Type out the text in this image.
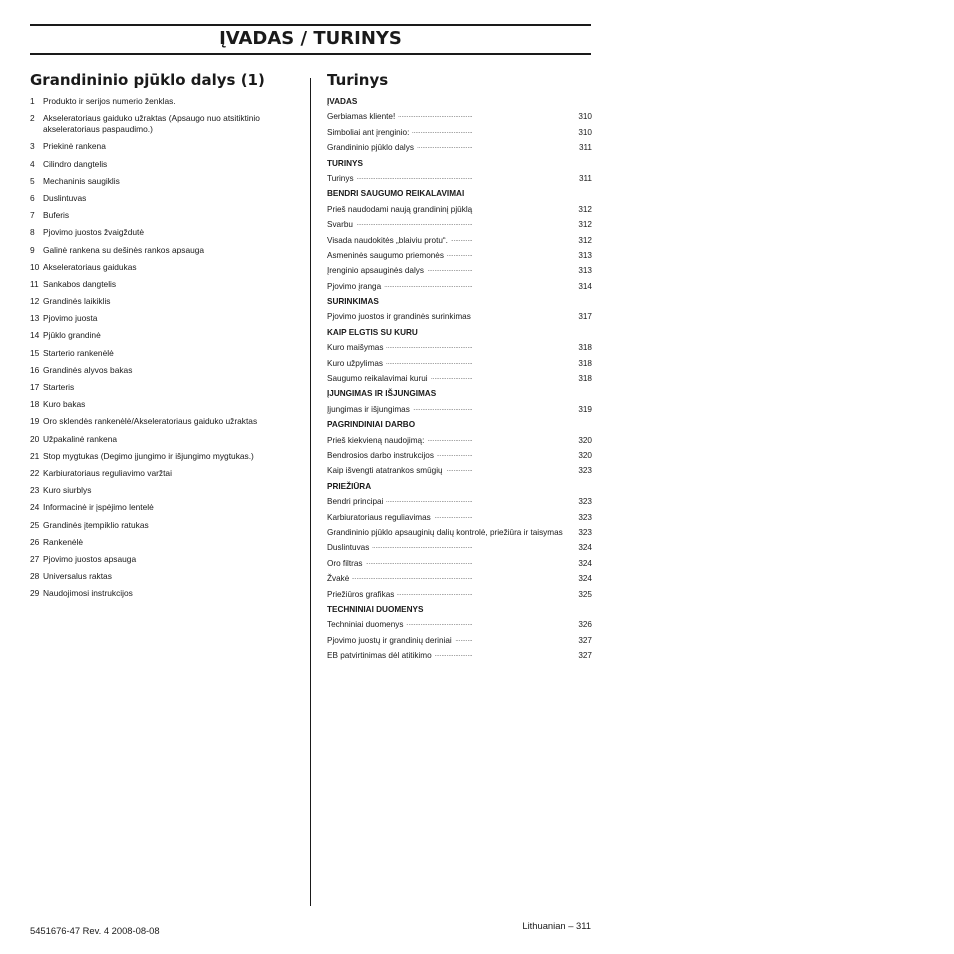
ĮVADAS / TURINYS
Grandininio pjūklo dalys (1)
1 Produkto ir serijos numerio ženklas.
2 Akseleratoriaus gaiduko užraktas (Apsaugo nuo atsitiktinio akseleratoriaus paspaudimo.)
3 Priekinė rankena
4 Cilindro dangtelis
5 Mechaninis saugiklis
6 Duslintuvas
7 Buferis
8 Pjovimo juostos žvaigždutė
9 Galinė rankena su dešinės rankos apsauga
10 Akseleratoriaus gaidukas
11 Sankabos dangtelis
12 Grandinės laikiklis
13 Pjovimo juosta
14 Pjūklo grandinė
15 Starterio rankenėlė
16 Grandinės alyvos bakas
17 Starteris
18 Kuro bakas
19 Oro sklendės rankenėlė/Akseleratoriaus gaiduko užraktas
20 Užpakalinė rankena
21 Stop mygtukas (Degimo įjungimo ir išjungimo mygtukas.)
22 Karbiuratoriaus reguliavimo varžtai
23 Kuro siurblys
24 Informacinė ir įspėjimo lentelė
25 Grandinės įtempiklio ratukas
26 Rankenėlė
27 Pjovimo juostos apsauga
28 Universalus raktas
29 Naudojimosi instrukcijos
Turinys
ĮVADAS
Gerbiamas kliente! . . .	310
Simboliai ant įrenginio: . . .	310
Grandininio pjūklo dalys . . .	311
TURINYS
Turinys . . .	311
BENDRI SAUGUMO REIKALAVIMAI
Prieš naudodami naują grandininį pjūklą . . .	312
Svarbu . . .	312
Visada naudokitės „blaiviu protu“. . . .	312
Asmeninės saugumo priemonės . . .	313
Įrenginio apsauginės dalys . . .	313
Pjovimo įranga . . .	314
SURINKIMAS
Pjovimo juostos ir grandinės surinkimas . . .	317
KAIP ELGTIS SU KURU
Kuro maišymas . . .	318
Kuro užpylimas . . .	318
Saugumo reikalavimai kurui . . .	318
ĮJUNGIMAS IR IŠJUNGIMAS
Įjungimas ir išjungimas . . .	319
PAGRINDINIAI DARBO
Prieš kiekvieną naudojimą: . . .	320
Bendrosios darbo instrukcijos . . .	320
Kaip išvengti atatrankos smūgių . . .	323
PRIEŽIŪRA
Bendri principai . . .	323
Karbiuratoriaus reguliavimas . . .	323
Grandininio pjūklo apsauginių dalių kontrolė, priežiūra ir taisymas . . .	323
Duslintuvas . . .	324
Oro filtras . . .	324
Žvakė . . .	324
Priežiūros grafikas . . .	325
TECHNINIAI DUOMENYS
Techniniai duomenys . . .	326
Pjovimo juostų ir grandinių deriniai . . .	327
EB patvirtinimas dėl atitikimo . . .	327
5451676-47 Rev. 4 2008-08-08	Lithuanian – 311
